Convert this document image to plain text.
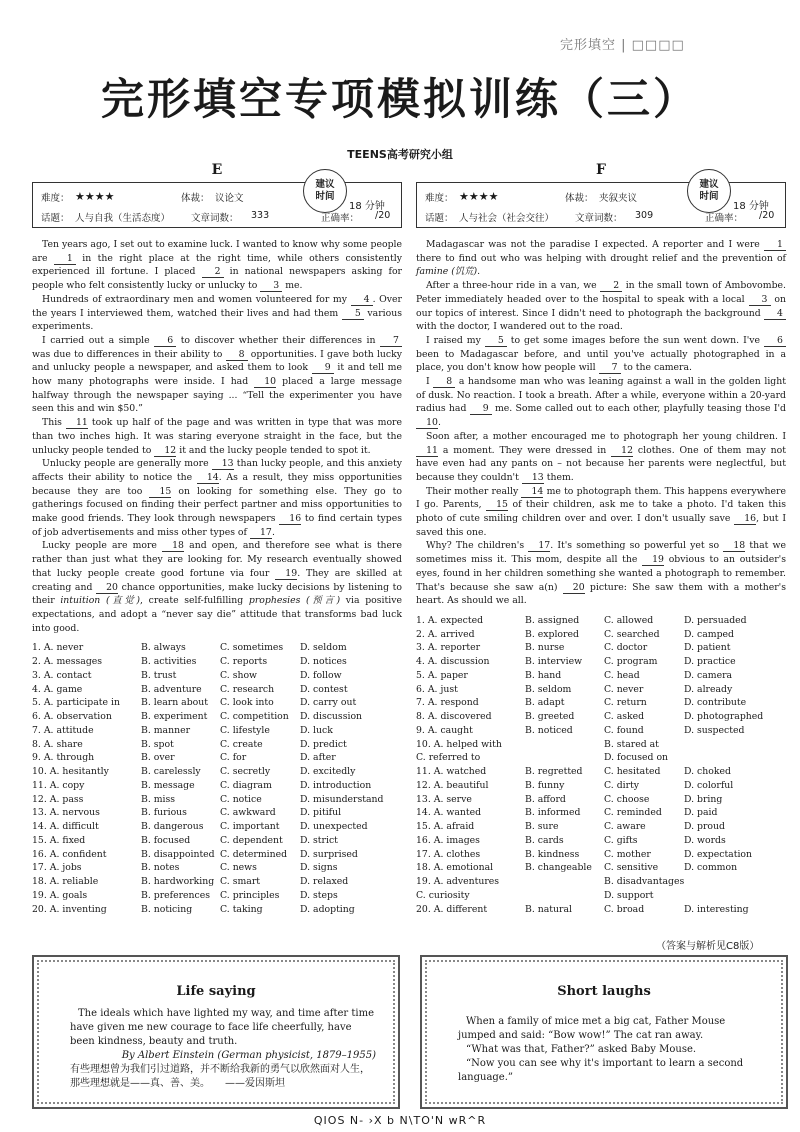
完形填空 | □□□□
完形填空专项模拟训练（三）
TEENS高考研究小组
E
难度： ★★★★	体裁： 议论文
话题： 人与自我（生活态度） 文章词数： 333	正确率： /20
建议
时间
18 分钟

Ten years ago, I set out to examine luck. I wanted to know why some people are 1 in the right place at the right time, while others consistently experienced ill fortune. I placed 2 in national newspapers asking for people who felt consistently lucky or unlucky to 3 me.

Hundreds of extraordinary men and women volunteered for my 4 . Over the years I interviewed them, watched their lives and had them 5 various experiments.

I carried out a simple 6 to discover whether their differences in 7 was due to differences in their ability to 8 opportunities. I gave both lucky and unlucky people a newspaper, and asked them to look 9 it and tell me how many photographs were inside. I had 10 placed a large message halfway through the newspaper saying ... “Tell the experimenter you have seen this and win $50.”

This 11 took up half of the page and was written in type that was more than two inches high. It was staring everyone straight in the face, but the unlucky people tended to 12 it and the lucky people tended to spot it.

Unlucky people are generally more 13 than lucky people, and this anxiety affects their ability to notice the 14. As a result, they miss opportunities because they are too 15 on looking for something else. They go to gatherings focused on finding their perfect partner and miss opportunities to make good friends. They look through newspapers 16 to find certain types of job advertisements and miss other types of 17.

Lucky people are more 18 and open, and therefore see what is there rather than just what they are looking for. My research eventually showed that lucky people create good fortune via four 19. They are skilled at creating and 20 chance opportunities, make lucky decisions by listening to their intuition (直觉), create self-fulfilling prophesies (预言) via positive expectations, and adopt a “never say die” attitude that transforms bad luck into good.

1. A. never	B. always	C. sometimes	D. seldom
2. A. messages	B. activities	C. reports	D. notices
3. A. contact	B. trust	C. show	D. follow
4. A. game	B. adventure	C. research	D. contest
5. A. participate in	B. learn about	C. look into	D. carry out
6. A. observation	B. experiment	C. competition	D. discussion
7. A. attitude	B. manner	C. lifestyle	D. luck
8. A. share	B. spot	C. create	D. predict
9. A. through	B. over	C. for	D. after
10. A. hesitantly	B. carelessly	C. secretly	D. excitedly
11. A. copy	B. message	C. diagram	D. introduction
12. A. pass	B. miss	C. notice	D. misunderstand
13. A. nervous	B. furious	C. awkward	D. pitiful
14. A. difficult	B. dangerous	C. important	D. unexpected
15. A. fixed	B. focused	C. dependent	D. strict
16. A. confident	B. disappointed C. determined	D. surprised
17. A. jobs	B. notes	C. news	D. signs
18. A. reliable	B. hardworking C. smart	D. relaxed
19. A. goals	B. preferences	C. principles	D. steps
20. A. inventing	B. noticing	C. taking	D. adopting
F
难度： ★★★★	体裁： 夹叙夹议
话题： 人与社会（社会交往） 文章词数： 309	正确率： /20
建议
时间
18 分钟

Madagascar was not the paradise I expected. A reporter and I were 1 there to find out who was helping with drought relief and the prevention of famine (饥荒).

After a three-hour ride in a van, we 2 in the small town of Ambovombe. Peter immediately headed over to the hospital to speak with a local 3 on our topics of interest. Since I didn't need to photograph the background 4 with the doctor, I wandered out to the road.

I raised my 5 to get some images before the sun went down. I've 6 been to Madagascar before, and until you've actually photographed in a place, you don't know how people will 7 to the camera.

I 8 a handsome man who was leaning against a wall in the golden light of dusk. No reaction. I took a breath. After a while, everyone within a 20-yard radius had 9 me. Some called out to each other, playfully teasing those I'd 10.

Soon after, a mother encouraged me to photograph her young children. I 11 a moment. They were dressed in 12 clothes. One of them may not have even had any pants on – not because her parents were neglectful, but because they couldn't 13 them.

Their mother really 14 me to photograph them. This happens everywhere I go. Parents, 15 of their children, ask me to take a photo. I'd taken this photo of cute smiling children over and over. I don't usually save 16, but I saved this one.

Why? The children's 17. It's something so powerful yet so 18 that we sometimes miss it. This mom, despite all the 19 obvious to an outsider's eyes, found in her children something she wanted a photograph to remember. That's because she saw a(n) 20 picture: She saw them with a mother's heart. As should we all.

1. A. expected	B. assigned	C. allowed	D. persuaded
2. A. arrived	B. explored	C. searched	D. camped
3. A. reporter	B. nurse	C. doctor	D. patient
4. A. discussion	B. interview	C. program	D. practice
5. A. paper	B. hand	C. head	D. camera
6. A. just	B. seldom	C. never	D. already
7. A. respond	B. adapt	C. return	D. contribute
8. A. discovered	B. greeted	C. asked	D. photographed
9. A. caught	B. noticed	C. found	D. suspected
10. A. helped with	B. stared at
C. referred to	D. focused on
11. A. watched	B. regretted	C. hesitated	D. choked
12. A. beautiful	B. funny	C. dirty	D. colorful
13. A. serve	B. afford	C. choose	D. bring
14. A. wanted	B. informed	C. reminded	D. paid
15. A. afraid	B. sure	C. aware	D. proud
16. A. images	B. cards	C. gifts	D. words
17. A. clothes	B. kindness	C. mother	D. expectation
18. A. emotional	B. changeable	C. sensitive	D. common
19. A. adventures	B. disadvantages
C. curiosity	D. support
20. A. different	B. natural	C. broad	D. interesting
（答案与解析见C8版）
Life saying

The ideals which have lighted my way, and time after time have given me new courage to face life cheerfully, have been kindness, beauty and truth.

By Albert Einstein (German physicist, 1879–1955)
有些理想曾为我们引过道路，并不断给我新的勇气以欣然面对人生，那些理想就是——真、善、美。　　——爱因斯坦
Short laughs

When a family of mice met a big cat, Father Mouse jumped and said: “Bow wow!” The cat ran away.

“What was that, Father?” asked Baby Mouse.

“Now you can see why it's important to learn a second language.”

QIOS N- ›X b N\TO'N wR^R
